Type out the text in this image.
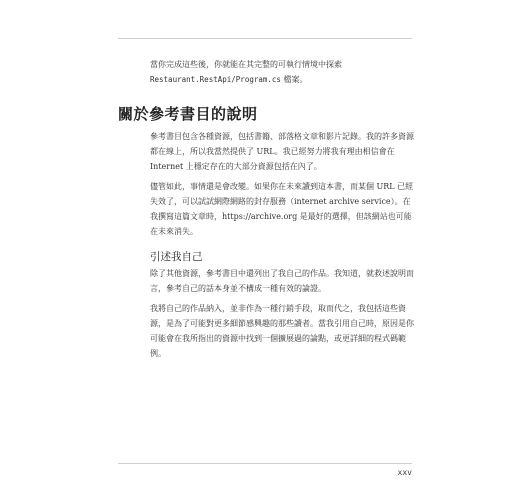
當你完成這些後，你就能在其完整的可執行情境中探索 Restaurant.RestApi/Program.cs 檔案。

關於參考書目的說明

參考書目包含各種資源，包括書籍、部落格文章和影片記錄。我的許多資源都在線上，所以我當然提供了 URL。我已經努力將我有理由相信會在 Internet 上穩定存在的大部分資源包括在內了。

儘管如此，事情還是會改變。如果你在未來讀到這本書，而某個 URL 已經失效了，可以試試網際網路的封存服務（internet archive service）。在我撰寫這篇文章時，https://archive.org 是最好的選擇，但該網站也可能在未來消失。

引述我自己

除了其他資源，參考書目中還列出了我自己的作品。我知道，就救述說明而言，參考自己的話本身並不構成一種有效的論證。

我將自己的作品納入，並非作為一種行銷手段，取而代之，我包括這些資源，是為了可能對更多細節感興趣的那些讀者。當我引用自己時，原因是你可能會在我所指出的資源中找到一個擴展過的論點，或更詳細的程式碼範例。

xxv
